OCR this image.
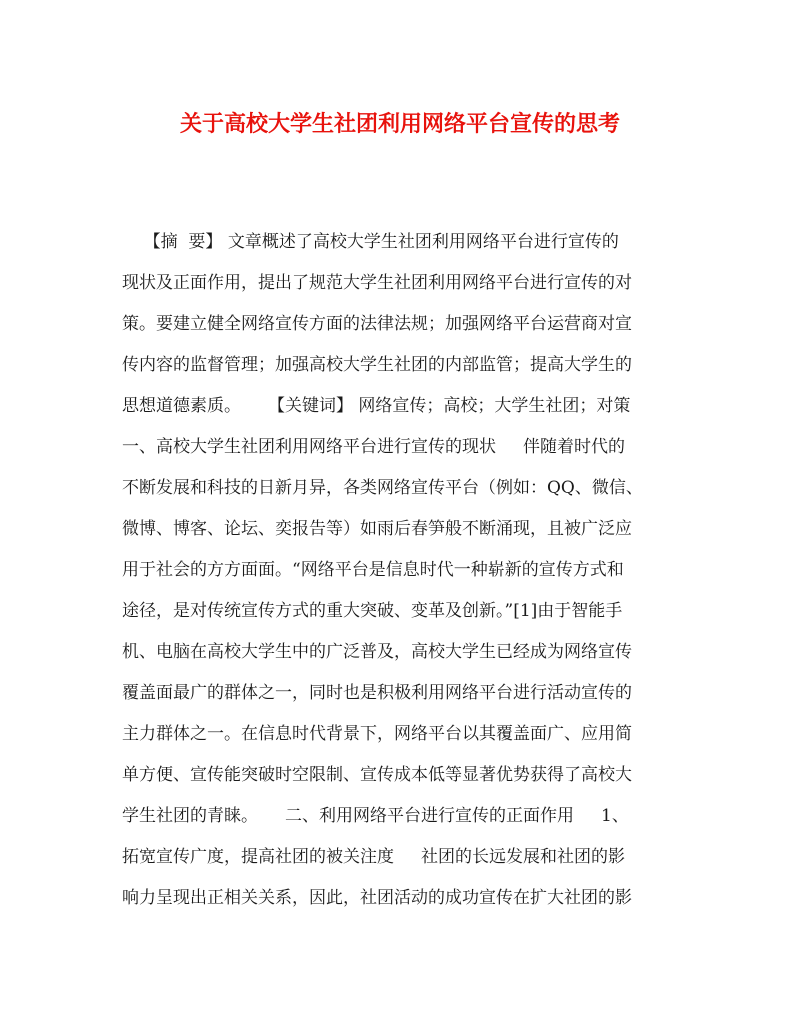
关于高校大学生社团利用网络平台宣传的思考
【摘  要】 文章概述了高校大学生社团利用网络平台进行宣传的
现状及正面作用，提出了规范大学生社团利用网络平台进行宣传的对
策。要建立健全网络宣传方面的法律法规；加强网络平台运营商对宣
传内容的监督管理；加强高校大学生社团的内部监管；提高大学生的
思想道德素质。     【关键词】 网络宣传；高校；大学生社团；对策
一、高校大学生社团利用网络平台进行宣传的现状     伴随着时代的
不断发展和科技的日新月异，各类网络宣传平台（例如：QQ、微信、
微博、博客、论坛、奕报告等）如雨后春笋般不断涌现，且被广泛应
用于社会的方方面面。“网络平台是信息时代一种崭新的宣传方式和
途径，是对传统宣传方式的重大突破、变革及创新。”[1]由于智能手
机、电脑在高校大学生中的广泛普及，高校大学生已经成为网络宣传
覆盖面最广的群体之一，同时也是积极利用网络平台进行活动宣传的
主力群体之一。在信息时代背景下，网络平台以其覆盖面广、应用简
单方便、宣传能突破时空限制、宣传成本低等显著优势获得了高校大
学生社团的青睐。     二、利用网络平台进行宣传的正面作用     1、
拓宽宣传广度，提高社团的被关注度     社团的长远发展和社团的影
响力呈现出正相关关系，因此，社团活动的成功宣传在扩大社团的影
